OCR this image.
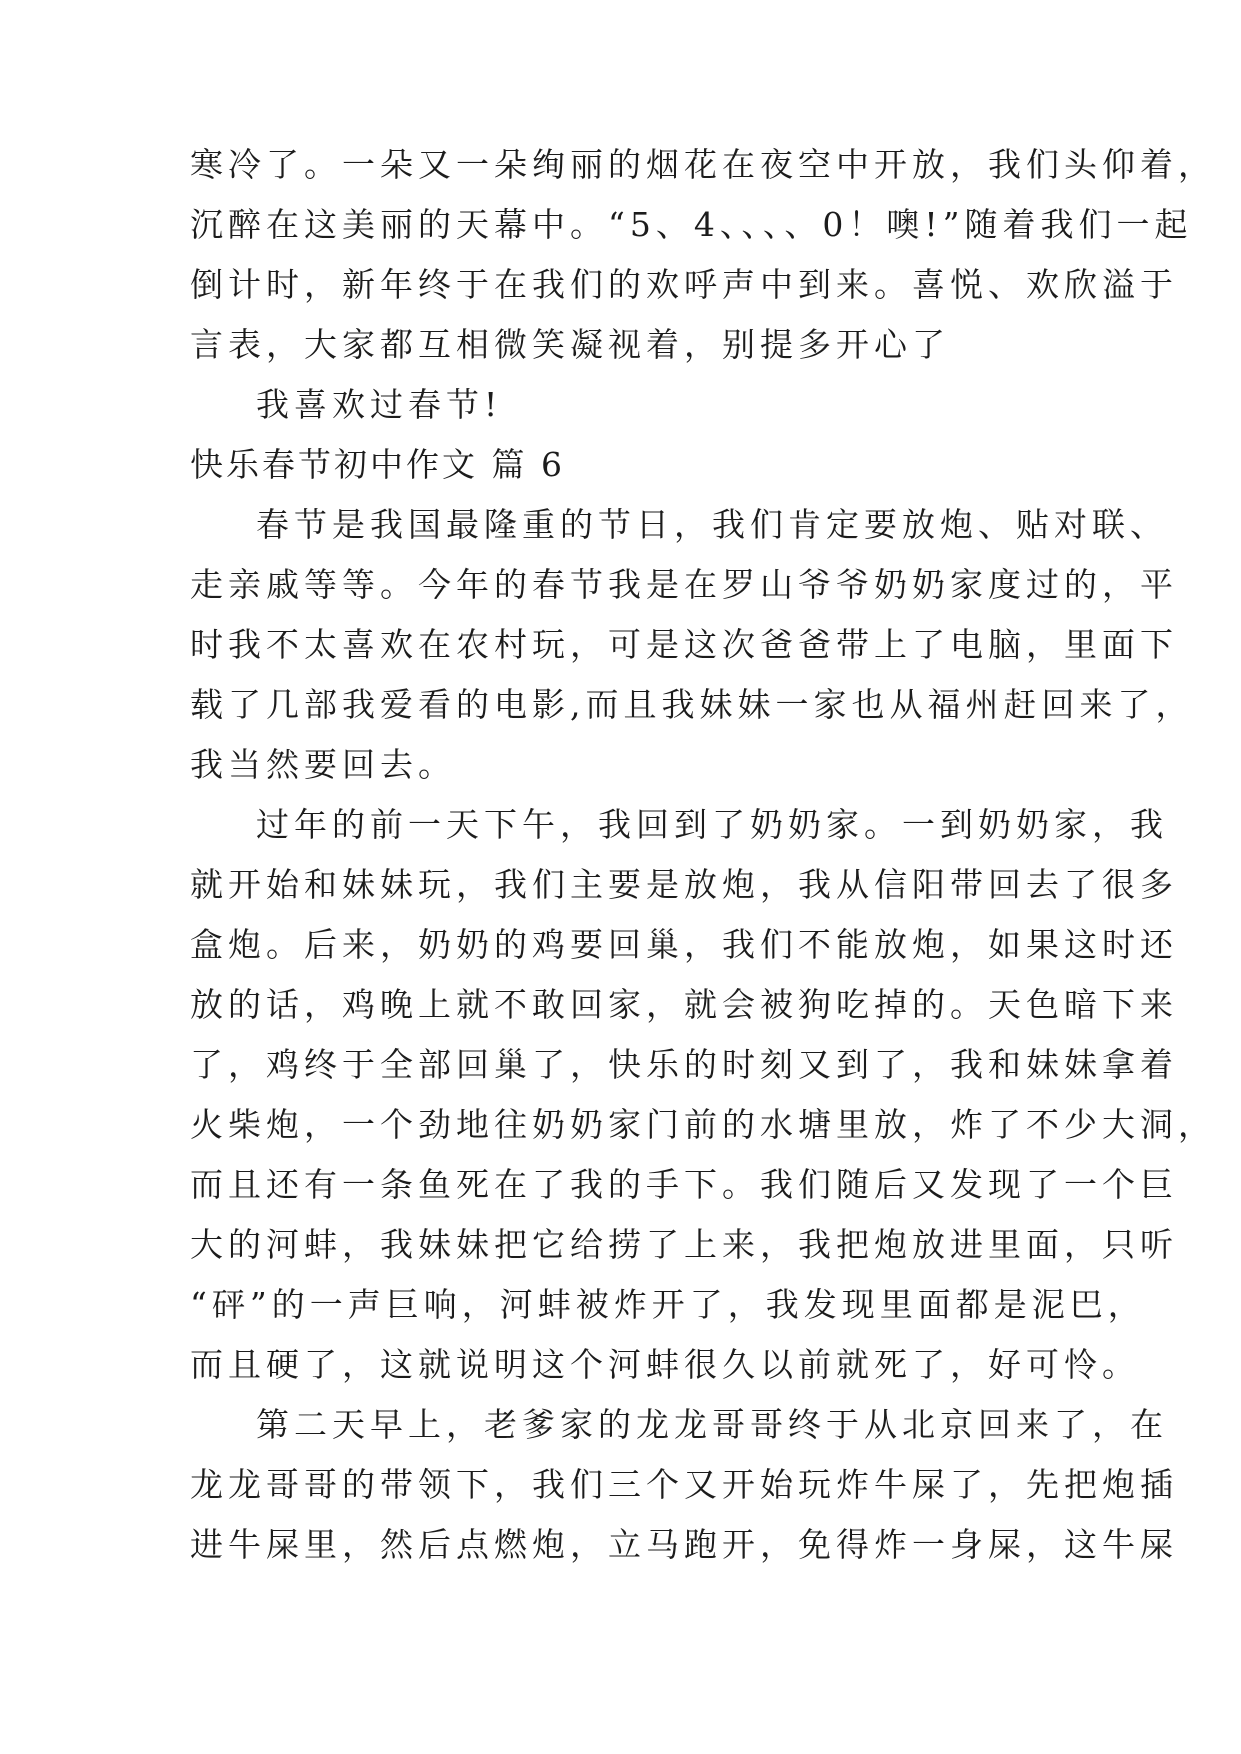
寒冷了。一朵又一朵绚丽的烟花在夜空中开放，我们头仰着，
沉醉在这美丽的天幕中。“5、4、、、、0！噢!”随着我们一起
倒计时，新年终于在我们的欢呼声中到来。喜悦、欢欣溢于
言表，大家都互相微笑凝视着，别提多开心了
我喜欢过春节!
快乐春节初中作文 篇 6
春节是我国最隆重的节日，我们肯定要放炮、贴对联、
走亲戚等等。今年的春节我是在罗山爷爷奶奶家度过的，平
时我不太喜欢在农村玩，可是这次爸爸带上了电脑，里面下
载了几部我爱看的电影,而且我妹妹一家也从福州赶回来了，
我当然要回去。
过年的前一天下午，我回到了奶奶家。一到奶奶家，我
就开始和妹妹玩，我们主要是放炮，我从信阳带回去了很多
盒炮。后来，奶奶的鸡要回巢，我们不能放炮，如果这时还
放的话，鸡晚上就不敢回家，就会被狗吃掉的。天色暗下来
了，鸡终于全部回巢了，快乐的时刻又到了，我和妹妹拿着
火柴炮，一个劲地往奶奶家门前的水塘里放，炸了不少大洞，
而且还有一条鱼死在了我的手下。我们随后又发现了一个巨
大的河蚌，我妹妹把它给捞了上来，我把炮放进里面，只听
“砰”的一声巨响，河蚌被炸开了，我发现里面都是泥巴，
而且硬了，这就说明这个河蚌很久以前就死了，好可怜。
第二天早上，老爹家的龙龙哥哥终于从北京回来了，在
龙龙哥哥的带领下，我们三个又开始玩炸牛屎了，先把炮插
进牛屎里，然后点燃炮，立马跑开，免得炸一身屎，这牛屎
